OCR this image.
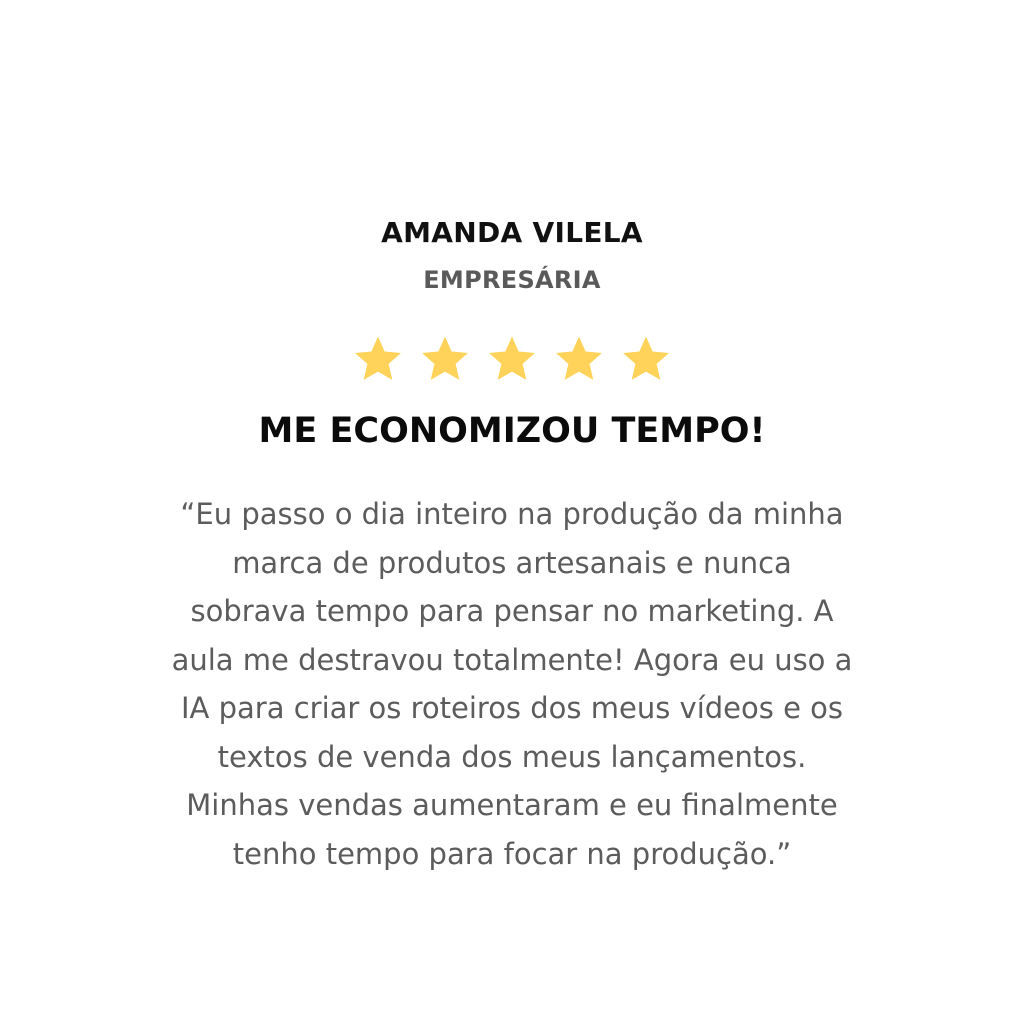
AMANDA VILELA
EMPRESÁRIA
ME ECONOMIZOU TEMPO!
“Eu passo o dia inteiro na produção da minha
marca de produtos artesanais e nunca
sobrava tempo para pensar no marketing. A
aula me destravou totalmente! Agora eu uso a
IA para criar os roteiros dos meus vídeos e os
textos de venda dos meus lançamentos.
Minhas vendas aumentaram e eu finalmente
tenho tempo para focar na produção.”
